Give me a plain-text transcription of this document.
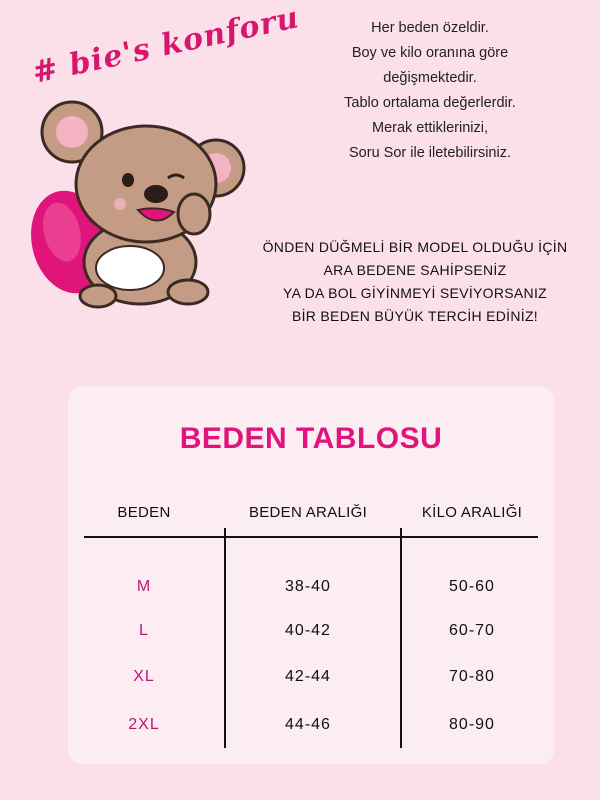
# bie's konforu	Her beden özeldir.
Boy ve kilo oranına göre
değişmektedir.
Tablo ortalama değerlerdir.
Merak ettiklerinizi,
Soru Sor ile iletebilirsiniz.
ÖNDEN DÜĞMELİ BİR MODEL OLDUĞU İÇİN
ARA BEDENE SAHİPSENİZ
YA DA BOL GİYİNMEYİ SEVİYORSANIZ
BİR BEDEN BÜYÜK TERCİH EDİNİZ!
BEDEN TABLOSU
BEDEN	BEDEN ARALIĞI	KİLO ARALIĞI
M	38-40	50-60
L	40-42	60-70
XL	42-44	70-80
2XL	44-46	80-90
